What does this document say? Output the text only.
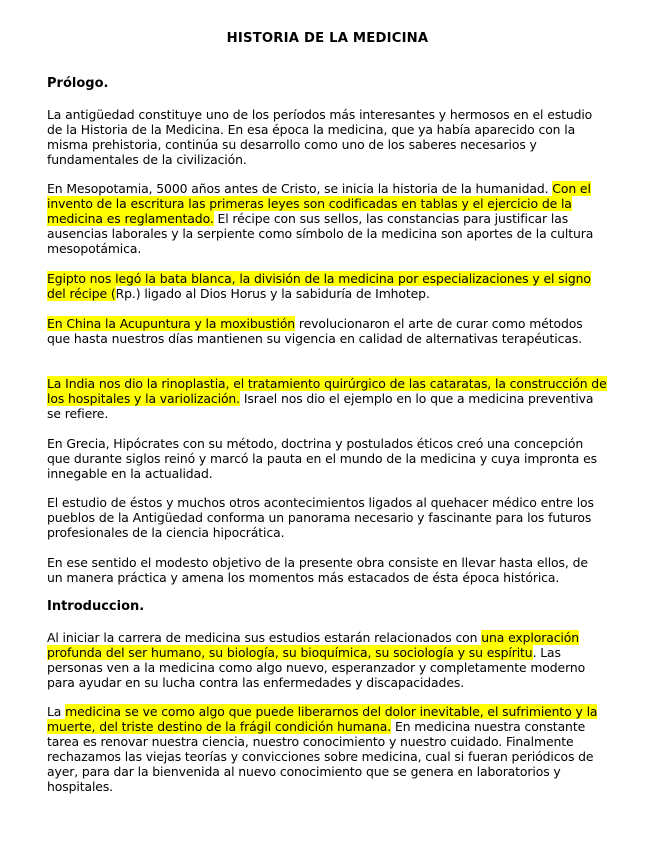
HISTORIA DE LA MEDICINA
Prólogo.
La antigüedad constituye uno de los períodos más interesantes y hermosos en el estudio de la Historia de la Medicina. En esa época la medicina, que ya había aparecido con la misma prehistoria, continúa su desarrollo como uno de los saberes necesarios y fundamentales de la civilización.
En Mesopotamia, 5000 años antes de Cristo, se inicia la historia de la humanidad. Con el invento de la escritura las primeras leyes son codificadas en tablas y el ejercicio de la medicina es reglamentado. El récipe con sus sellos, las constancias para justificar las ausencias laborales y la serpiente como símbolo de la medicina son aportes de la cultura mesopotámica.
Egipto nos legó la bata blanca, la división de la medicina por especializaciones y el signo del récipe (Rp.) ligado al Dios Horus y la sabiduría de Imhotep.
En China la Acupuntura y la moxibustión revolucionaron el arte de curar como métodos que hasta nuestros días mantienen su vigencia en calidad de alternativas terapéuticas.
La India nos dio la rinoplastia, el tratamiento quirúrgico de las cataratas, la construcción de los hospitales y la variolización. Israel nos dio el ejemplo en lo que a medicina preventiva se refiere.
En Grecia, Hipócrates con su método, doctrina y postulados éticos creó una concepción que durante siglos reinó y marcó la pauta en el mundo de la medicina y cuya impronta es innegable en la actualidad.
El estudio de éstos y muchos otros acontecimientos ligados al quehacer médico entre los pueblos de la Antigüedad conforma un panorama necesario y fascinante para los futuros profesionales de la ciencia hipocrática.
En ese sentido el modesto objetivo de la presente obra consiste en llevar hasta ellos, de un manera práctica y amena los momentos más estacados de ésta época histórica.
Introduccion.
Al iniciar la carrera de medicina sus estudios estarán relacionados con una exploración profunda del ser humano, su biología, su bioquímica, su sociología y su espíritu. Las personas ven a la medicina como algo nuevo, esperanzador y completamente moderno para ayudar en su lucha contra las enfermedades y discapacidades.
La medicina se ve como algo que puede liberarnos del dolor inevitable, el sufrimiento y la muerte, del triste destino de la frágil condición humana. En medicina nuestra constante tarea es renovar nuestra ciencia, nuestro conocimiento y nuestro cuidado. Finalmente rechazamos las viejas teorías y convicciones sobre medicina, cual si fueran periódicos de ayer, para dar la bienvenida al nuevo conocimiento que se genera en laboratorios y hospitales.
